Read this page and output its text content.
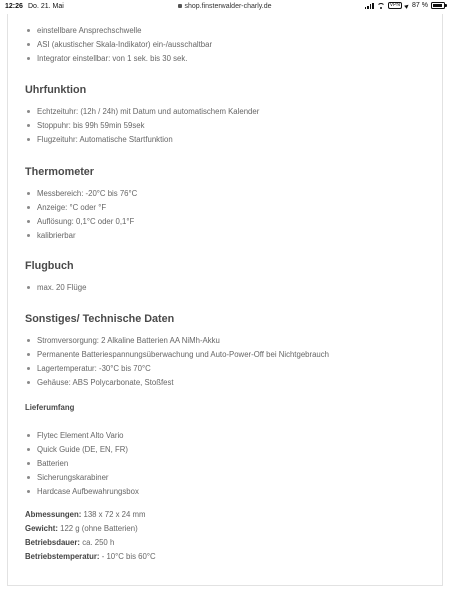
12:26 Do. 21. Mai	shop.finsterwalder-charly.de	VPN 87 %
einstellbare Ansprechschwelle
ASI (akustischer Skala-Indikator) ein-/ausschaltbar
Integrator einstellbar: von 1 sek. bis 30 sek.
Uhrfunktion
Echtzeituhr: (12h / 24h) mit Datum und automatischem Kalender
Stoppuhr: bis 99h 59min 59sek
Flugzeituhr: Automatische Startfunktion
Thermometer
Messbereich: -20°C bis 76°C
Anzeige: °C oder °F
Auflösung: 0,1°C oder 0,1°F
kalibrierbar
Flugbuch
max. 20 Flüge
Sonstiges/ Technische Daten
Stromversorgung: 2 Alkaline Batterien AA NiMh-Akku
Permanente Batteriespannungsüberwachung und Auto-Power-Off bei Nichtgebrauch
Lagertemperatur: -30°C bis 70°C
Gehäuse: ABS Polycarbonate, Stoßfest
Lieferumfang
Flytec Element Alto Vario
Quick Guide (DE, EN, FR)
Batterien
Sicherungskarabiner
Hardcase Aufbewahrungsbox
Abmessungen: 138 x 72 x 24 mm
Gewicht: 122 g (ohne Batterien)
Betriebsdauer: ca. 250 h
Betriebstemperatur: - 10°C bis 60°C
